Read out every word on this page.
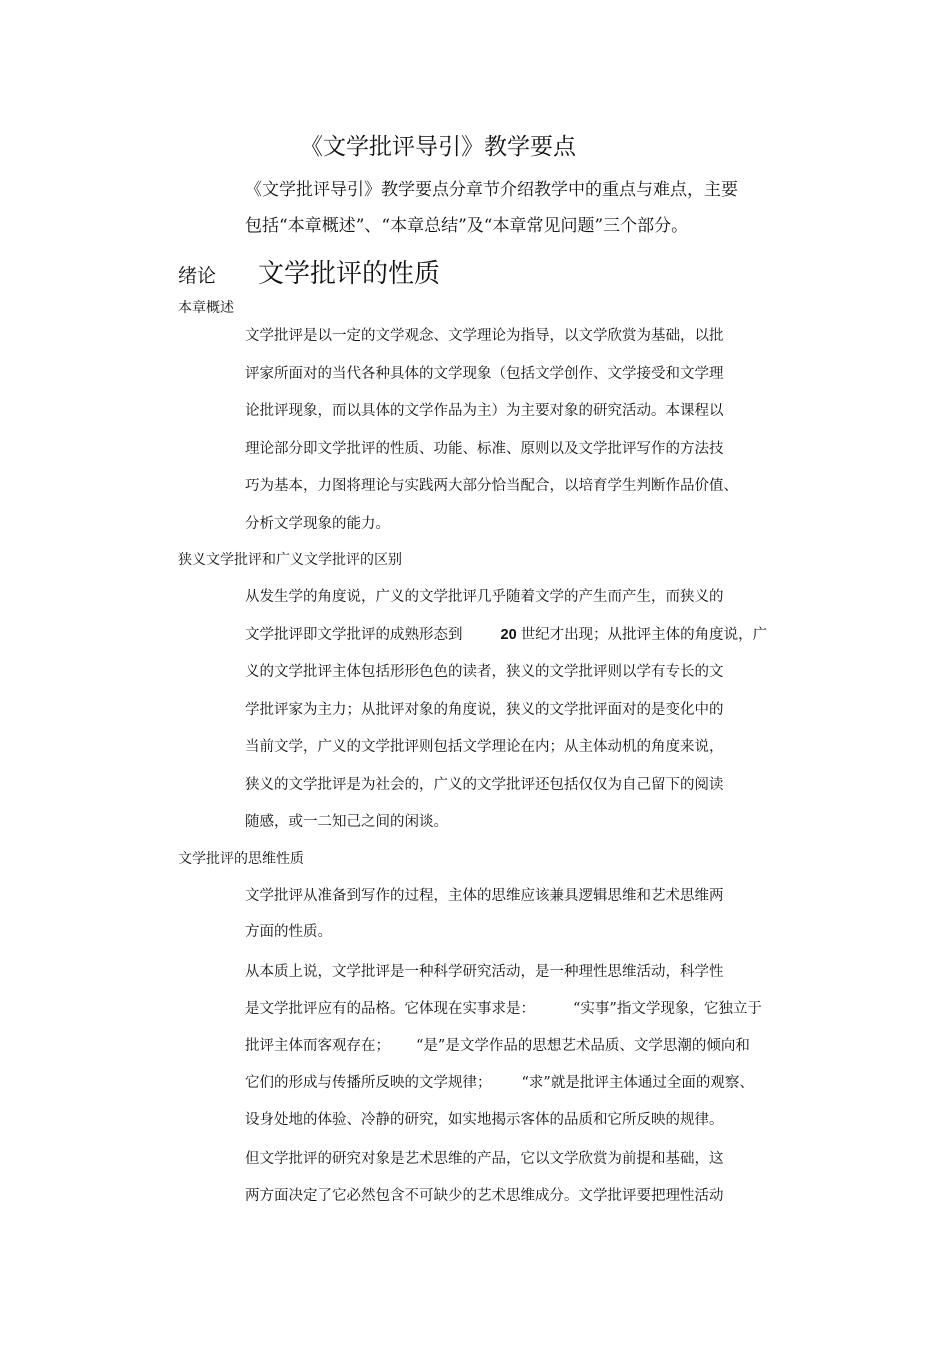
《文学批评导引》教学要点
《文学批评导引》教学要点分章节介绍教学中的重点与难点，主要
包括“本章概述”、“本章总结”及“本章常见问题”三个部分。
绪论 文学批评的性质
本章概述
文学批评是以一定的文学观念、文学理论为指导，以文学欣赏为基础，以批
评家所面对的当代各种具体的文学现象（包括文学创作、文学接受和文学理
论批评现象，而以具体的文学作品为主）为主要对象的研究活动。本课程以
理论部分即文学批评的性质、功能、标准、原则以及文学批评写作的方法技
巧为基本，力图将理论与实践两大部分恰当配合，以培育学生判断作品价值、
分析文学现象的能力。
狭义文学批评和广义文学批评的区别
从发生学的角度说，广义的文学批评几乎随着文学的产生而产生，而狭义的
文学批评即文学批评的成熟形态到	20 世纪才出现；从批评主体的角度说，广
义的文学批评主体包括形形色色的读者，狭义的文学批评则以学有专长的文
学批评家为主力；从批评对象的角度说，狭义的文学批评面对的是变化中的
当前文学，广义的文学批评则包括文学理论在内；从主体动机的角度来说，
狭义的文学批评是为社会的，广义的文学批评还包括仅仅为自己留下的阅读
随感，或一二知己之间的闲谈。
文学批评的思维性质
文学批评从准备到写作的过程，主体的思维应该兼具逻辑思维和艺术思维两
方面的性质。
从本质上说，文学批评是一种科学研究活动，是一种理性思维活动，科学性
是文学批评应有的品格。它体现在实事求是：	“实事”指文学现象，它独立于
批评主体而客观存在； “是”是文学作品的思想艺术品质、文学思潮的倾向和
它们的形成与传播所反映的文学规律； “求”就是批评主体通过全面的观察、
设身处地的体验、冷静的研究，如实地揭示客体的品质和它所反映的规律。
但文学批评的研究对象是艺术思维的产品，它以文学欣赏为前提和基础，这
两方面决定了它必然包含不可缺少的艺术思维成分。文学批评要把理性活动
